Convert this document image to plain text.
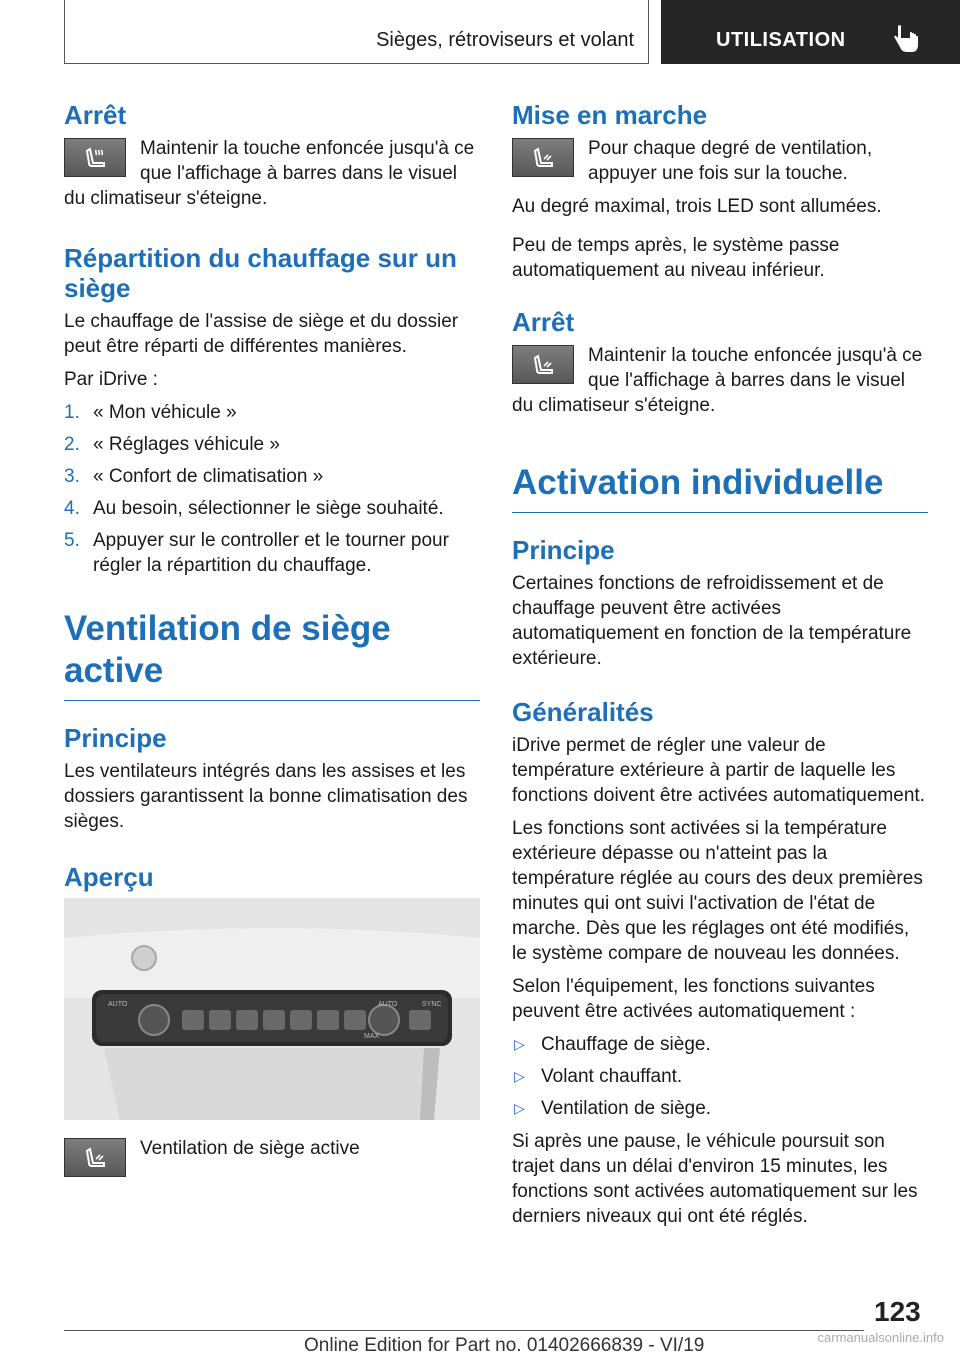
Sièges, rétroviseurs et volant	UTILISATION
Arrêt
Maintenir la touche enfoncée jusqu'à ce que l'affichage à barres dans le visuel du climatiseur s'éteigne.
Répartition du chauffage sur un siège

Le chauffage de l'assise de siège et du dossier peut être réparti de différentes manières.

Par iDrive :

1. « Mon véhicule »
2. « Réglages véhicule »
3. « Confort de climatisation »
4. Au besoin, sélectionner le siège souhaité.
5. Appuyer sur le controller et le tourner pour régler la répartition du chauffage.
Ventilation de siège active
Principe

Les ventilateurs intégrés dans les assises et les dossiers garantissent la bonne climatisation des sièges.

Aperçu
AUTO
MAX
SYNC
AUTO
Ventilation de siège active
Mise en marche
Pour chaque degré de ventilation, appuyer une fois sur la touche.

Au degré maximal, trois LED sont allumées.

Peu de temps après, le système passe automatiquement au niveau inférieur.

Arrêt
Maintenir la touche enfoncée jusqu'à ce que l'affichage à barres dans le visuel du climatiseur s'éteigne.
Activation individuelle
Principe

Certaines fonctions de refroidissement et de chauffage peuvent être activées automatiquement en fonction de la température extérieure.

Généralités

iDrive permet de régler une valeur de température extérieure à partir de laquelle les fonctions doivent être activées automatiquement.

Les fonctions sont activées si la température extérieure dépasse ou n'atteint pas la température réglée au cours des deux premières minutes qui ont suivi l'activation de l'état de marche. Dès que les réglages ont été modifiés, le système compare de nouveau les données.

Selon l'équipement, les fonctions suivantes peuvent être activées automatiquement :

▷ Chauffage de siège.
▷ Volant chauffant.
▷ Ventilation de siège.

Si après une pause, le véhicule poursuit son trajet dans un délai d'environ 15 minutes, les fonctions sont activées automatiquement sur les derniers niveaux qui ont été réglés.

123
Online Edition for Part no. 01402666839 - VI/19	carmanualsonline.info
